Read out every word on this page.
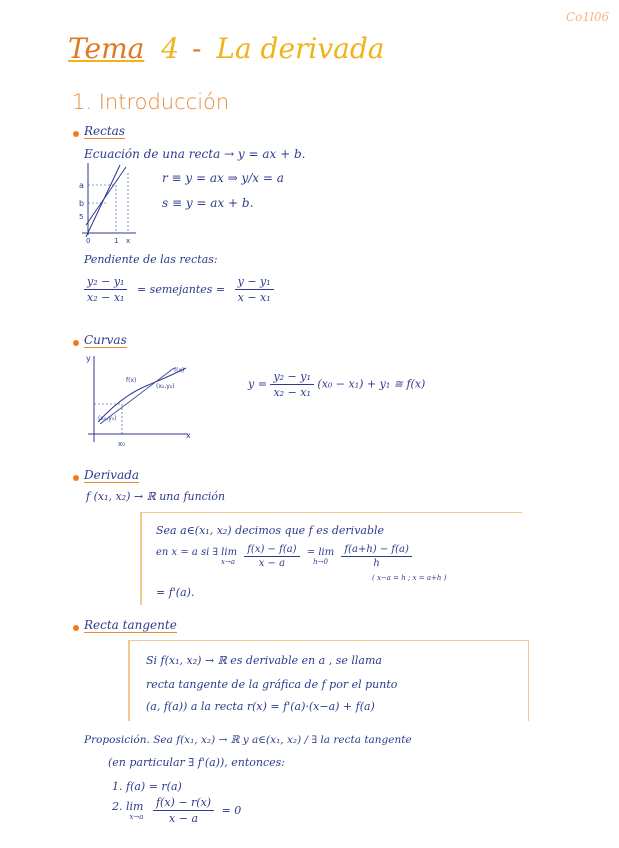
Co1l06
Tema 4 - La derivada
1. Introducción
Rectas
Ecuación de una recta → y = ax + b.
a
b
5
0	1 x
r ≡ y = ax ⇒ y/x = a
s ≡ y = ax + b.
Pendiente de las rectas:
$\frac{\text{y₂ − y₁}}{\text{x₂ − x₁}}$ = semejantes = $\frac{\text{y − y₁}}{\text{x − x₁}}$
Curvas
y
x
f(x)
f(x)
(x₂,y₂)
(x₀,y₀)
x₀
$y = \frac{\text{y₂ − y₁}}{\text{x₂ − x₁}} (x_0 - x_1) + y_1$ ≅ f(x)
Derivada
f (x₁, x₂) → ℝ una función
Sea a∈(x₁, x₂) decimos que f es derivable
en x = a si ∃ lim
x→a
$\frac{f(x) - f(a)}{x - a}$
= lim
h→0
$\frac{f(a+h) - f(a)}{h}$
( x−a = h ; x = a+h )
= f'(a).
Recta tangente
Si f(x₁, x₂) → ℝ es derivable en a , se llama
recta tangente de la gráfica de f por el punto
(a, f(a)) a la recta r(x) = f'(a)·(x−a) + f(a)
Proposición. Sea f(x₁, x₂) → ℝ y a∈(x₁, x₂) / ∃ la recta tangente
(en particular ∃ f'(a)), entonces:
1. f(a) = r(a)
2. lim
x→a
$\frac{f(x) - r(x)}{x - a} = 0$
